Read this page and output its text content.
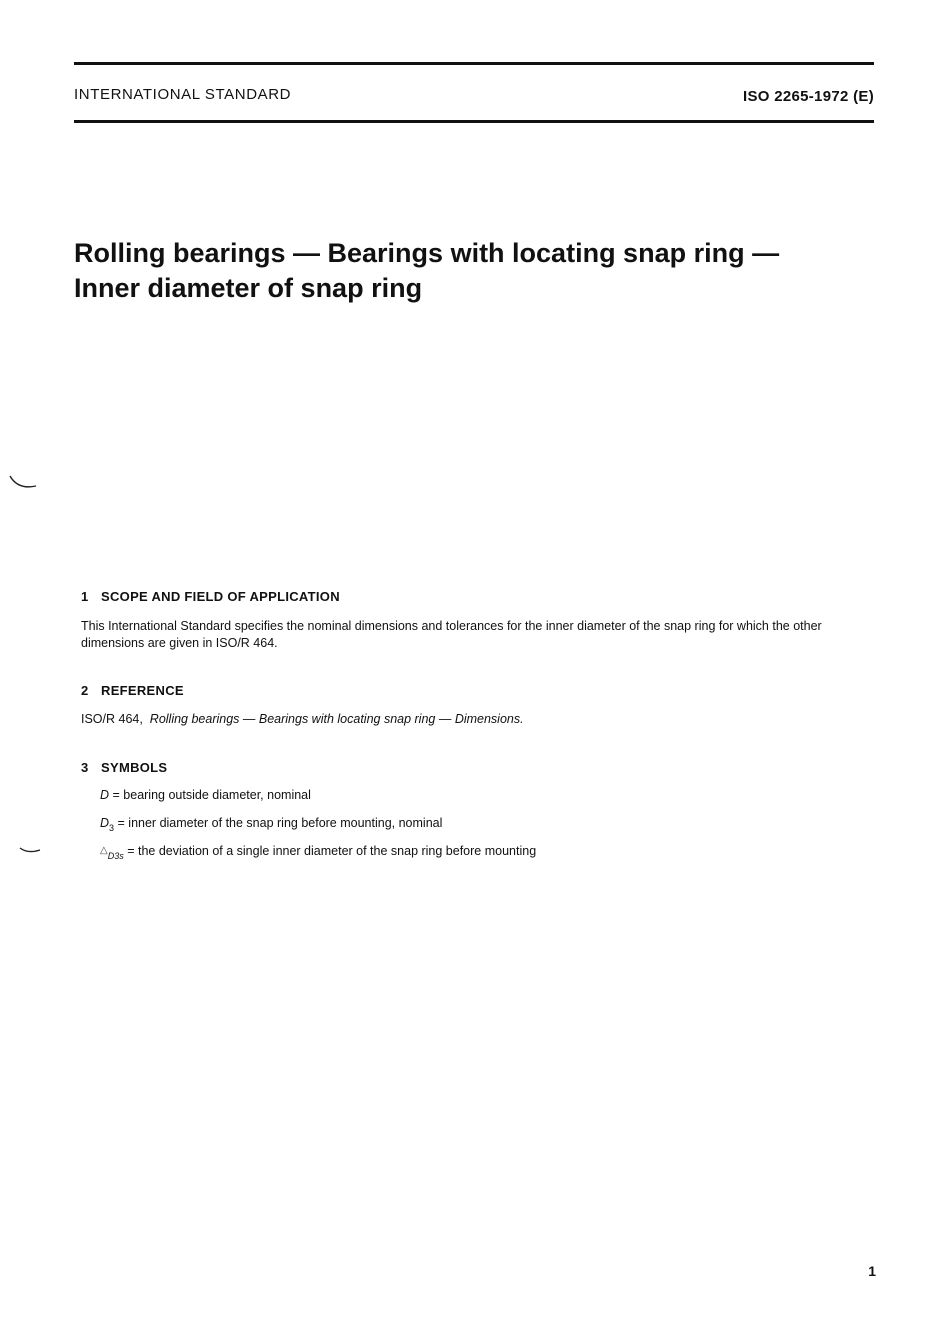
INTERNATIONAL STANDARD	ISO 2265-1972 (E)
Rolling bearings — Bearings with locating snap ring —
Inner diameter of snap ring
1 SCOPE AND FIELD OF APPLICATION
This International Standard specifies the nominal dimensions and tolerances for the inner diameter of the snap ring for which the other dimensions are given in ISO/R 464.
2 REFERENCE
ISO/R 464, Rolling bearings — Bearings with locating snap ring — Dimensions.
3 SYMBOLS
D = bearing outside diameter, nominal
$D_3$ = inner diameter of the snap ring before mounting, nominal
$\triangle_{D3s}$ = the deviation of a single inner diameter of the snap ring before mounting
1
